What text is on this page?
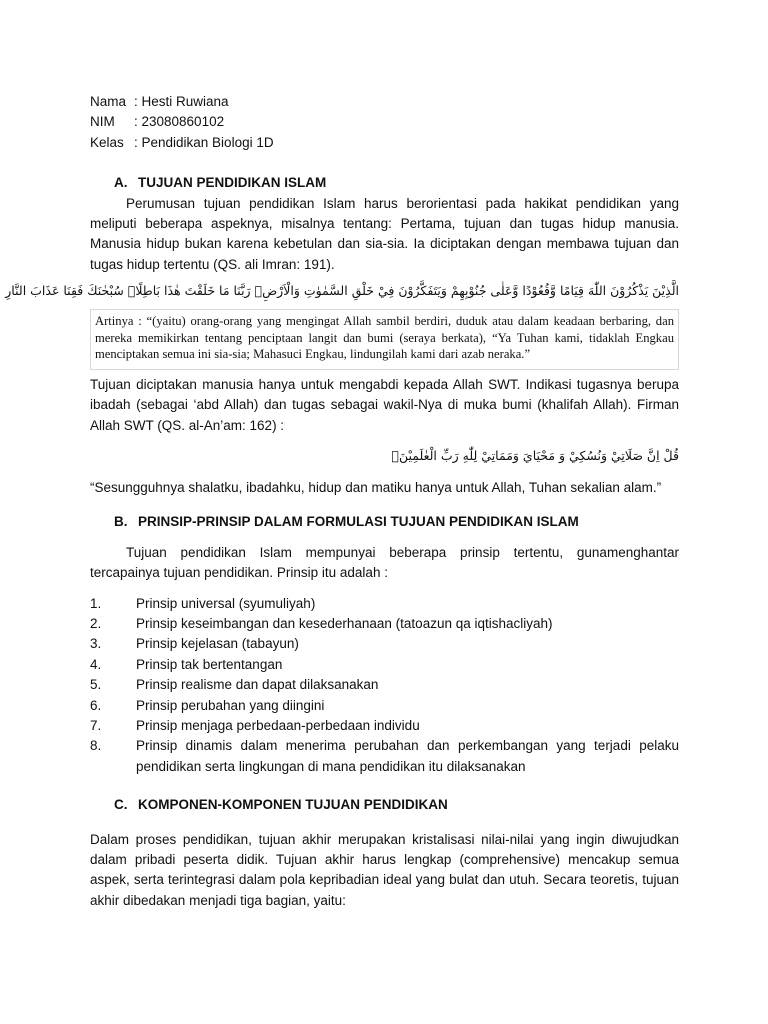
Nama : Hesti Ruwiana
NIM	: 23080860102
Kelas : Pendidikan Biologi 1D
A. TUJUAN PENDIDIKAN ISLAM

Perumusan tujuan pendidikan Islam harus berorientasi pada hakikat pendidikan yang meliputi beberapa aspeknya, misalnya tentang: Pertama, tujuan dan tugas hidup manusia. Manusia hidup bukan karena kebetulan dan sia-sia. Ia diciptakan dengan membawa tujuan dan tugas hidup tertentu (QS. ali Imran: 191).

الَّذِيْنَ يَذْكُرُوْنَ اللّٰهَ قِيَامًا وَّقُعُوْدًا وَّعَلٰى جُنُوْبِهِمْ وَيَتَفَكَّرُوْنَ فِيْ خَلْقِ السَّمٰوٰتِ وَالْاَرْضِۚ رَبَّنَا مَا خَلَقْتَ هٰذَا بَاطِلًاۚ سُبْحٰنَكَ فَقِنَا عَذَابَ النَّارِ

Artinya : “(yaitu) orang-orang yang mengingat Allah sambil berdiri, duduk atau dalam keadaan berbaring, dan mereka memikirkan tentang penciptaan langit dan bumi (seraya berkata), “Ya Tuhan kami, tidaklah Engkau menciptakan semua ini sia-sia; Mahasuci Engkau, lindungilah kami dari azab neraka.”

Tujuan diciptakan manusia hanya untuk mengabdi kepada Allah SWT. Indikasi tugasnya berupa ibadah (sebagai ‘abd Allah) dan tugas sebagai wakil-Nya di muka bumi (khalifah Allah). Firman Allah SWT (QS. al-An’am: 162) :

قُلْ اِنَّ صَلَاتِيْ وَنُسُكِيْ وَ مَحْيَايَ وَمَمَاتِيْ لِلّٰهِ رَبِّ الْعٰلَمِيْنَۙ

“Sesungguhnya shalatku, ibadahku, hidup dan matiku hanya untuk Allah, Tuhan sekalian alam.”

B. PRINSIP-PRINSIP DALAM FORMULASI TUJUAN PENDIDIKAN ISLAM

Tujuan pendidikan Islam mempunyai beberapa prinsip tertentu, gunamenghantar tercapainya tujuan pendidikan. Prinsip itu adalah :

1.	Prinsip universal (syumuliyah)
2.	Prinsip keseimbangan dan kesederhanaan (tatoazun qa iqtishacliyah)
3.	Prinsip kejelasan (tabayun)
4.	Prinsip tak bertentangan
5.	Prinsip realisme dan dapat dilaksanakan
6.	Prinsip perubahan yang diingini
7.	Prinsip menjaga perbedaan-perbedaan individu
8.	Prinsip dinamis dalam menerima perubahan dan perkembangan yang terjadi pelaku pendidikan serta lingkungan di mana pendidikan itu dilaksanakan
C. KOMPONEN-KOMPONEN TUJUAN PENDIDIKAN

Dalam proses pendidikan, tujuan akhir merupakan kristalisasi nilai-nilai yang ingin diwujudkan dalam pribadi peserta didik. Tujuan akhir harus lengkap (comprehensive) mencakup semua aspek, serta terintegrasi dalam pola kepribadian ideal yang bulat dan utuh. Secara teoretis, tujuan akhir dibedakan menjadi tiga bagian, yaitu:
